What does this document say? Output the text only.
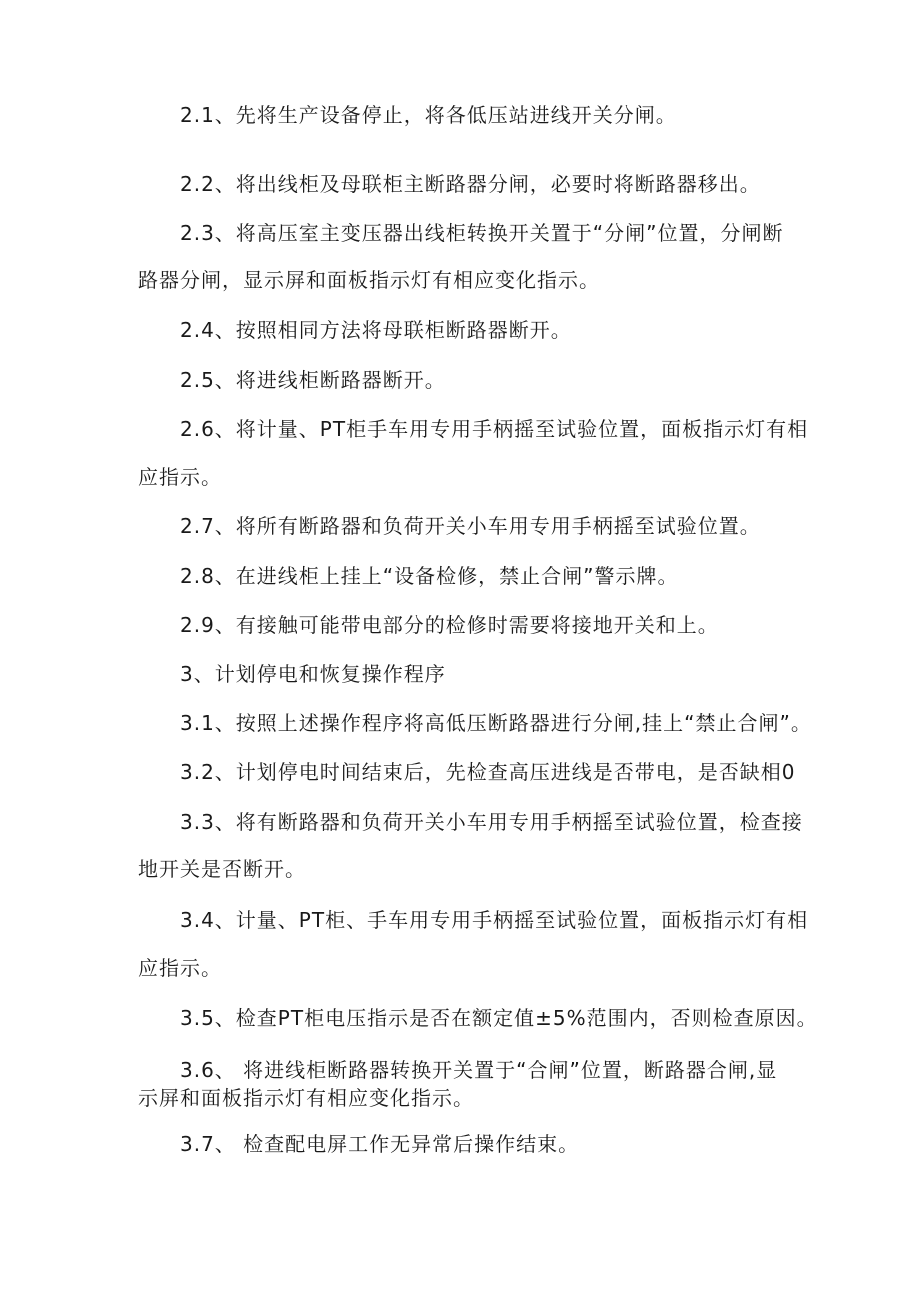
2.1、先将生产设备停止，将各低压站进线开关分闸。
2.2、将出线柜及母联柜主断路器分闸，必要时将断路器移出。
2.3、将高压室主变压器出线柜转换开关置于“分闸”位置，分闸断
路器分闸，显示屏和面板指示灯有相应变化指示。
2.4、按照相同方法将母联柜断路器断开。
2.5、将进线柜断路器断开。
2.6、将计量、PT柜手车用专用手柄摇至试验位置，面板指示灯有相
应指示。
2.7、将所有断路器和负荷开关小车用专用手柄摇至试验位置。
2.8、在进线柜上挂上“设备检修，禁止合闸”警示牌。
2.9、有接触可能带电部分的检修时需要将接地开关和上。
3、计划停电和恢复操作程序
3.1、按照上述操作程序将高低压断路器进行分闸,挂上“禁止合闸”。
3.2、计划停电时间结束后，先检查高压进线是否带电，是否缺相0
3.3、将有断路器和负荷开关小车用专用手柄摇至试验位置，检查接
地开关是否断开。
3.4、计量、PT柜、手车用专用手柄摇至试验位置，面板指示灯有相
应指示。
3.5、检查PT柜电压指示是否在额定值±5%范围内，否则检查原因。
3.6、 将进线柜断路器转换开关置于“合闸”位置，断路器合闸,显
示屏和面板指示灯有相应变化指示。
3.7、 检查配电屏工作无异常后操作结束。
